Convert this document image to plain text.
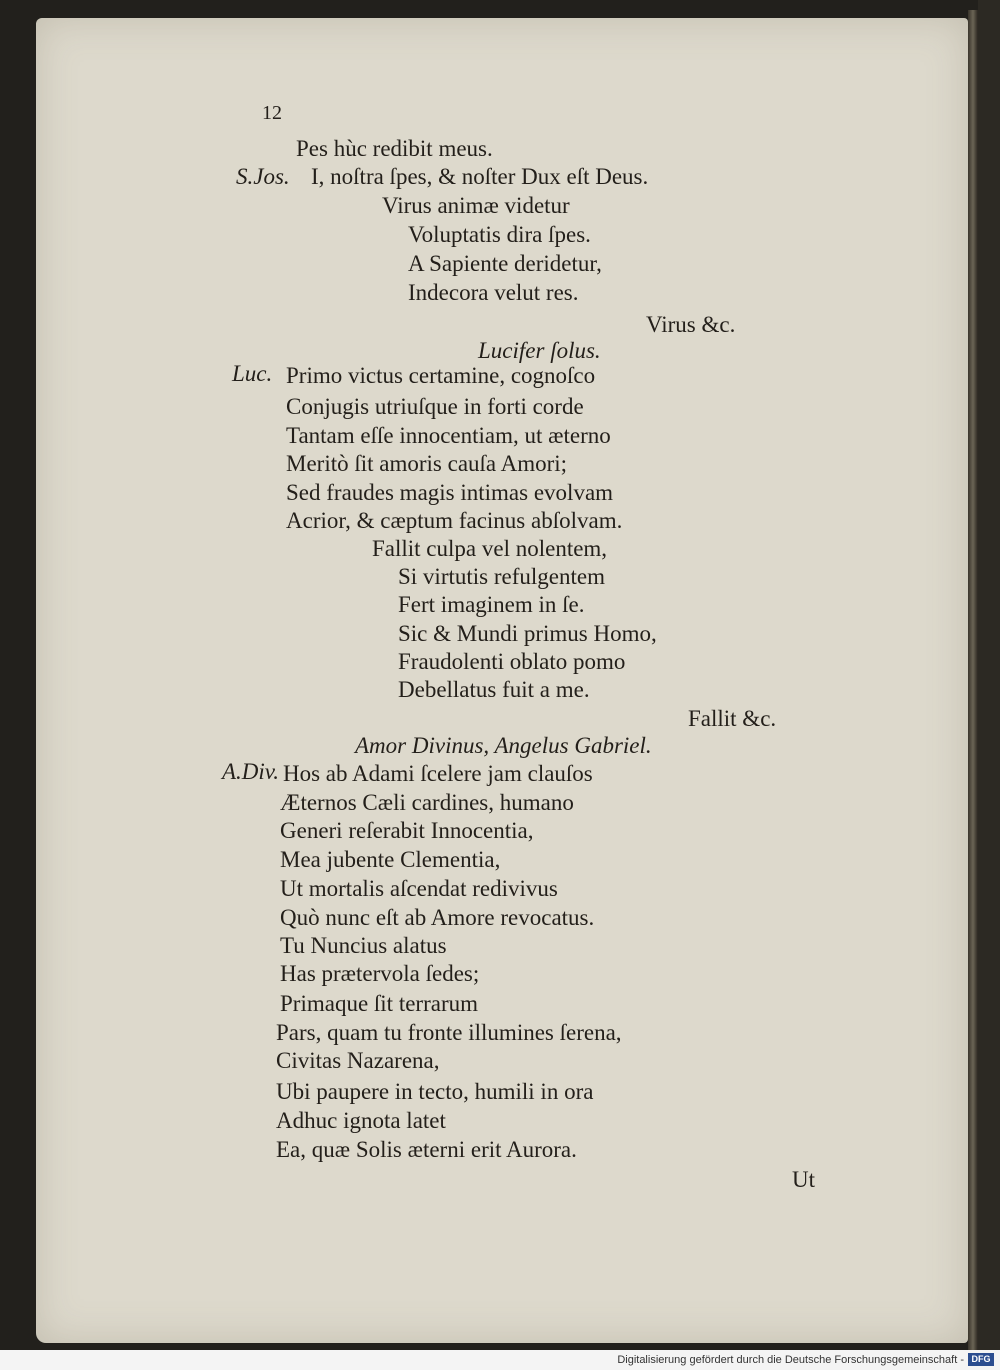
12
Pes hùc redibit meus.
S.Jos. I, noſtra ſpes, & noſter Dux eſt Deus.
Virus animæ videtur
Voluptatis dira ſpes.
A Sapiente deridetur,
Indecora velut res.
Virus &c.
Lucifer ſolus.
Luc. Primo victus certamine, cognoſco
Conjugis utriuſque in forti corde
Tantam eſſe innocentiam, ut æterno
Meritò ſit amoris cauſa Amori;
Sed fraudes magis intimas evolvam
Acrior, & cæptum facinus abſolvam.
Fallit culpa vel nolentem,
Si virtutis refulgentem
Fert imaginem in ſe.
Sic & Mundi primus Homo,
Fraudolenti oblato pomo
Debellatus fuit a me.
Fallit &c.
Amor Divinus, Angelus Gabriel.
A.Div. Hos ab Adami ſcelere jam clauſos
Æternos Cæli cardines, humano
Generi reſerabit Innocentia,
Mea jubente Clementia,
Ut mortalis aſcendat redivivus
Quò nunc eſt ab Amore revocatus.
Tu Nuncius alatus
Has prætervola ſedes;
Primaque ſit terrarum
Pars, quam tu fronte illumines ſerena,
Civitas Nazarena,
Ubi paupere in tecto, humili in ora
Adhuc ignota latet
Ea, quæ Solis æterni erit Aurora.
Ut
Digitalisierung gefördert durch die Deutsche Forschungsgemeinschaft - DFG
